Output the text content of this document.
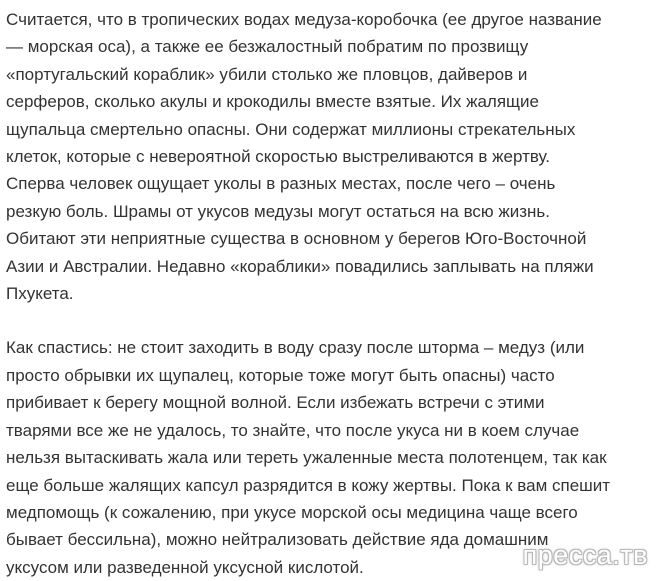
Считается, что в тропических водах медуза-коробочка (ее другое название
— морская оса), а также ее безжалостный побратим по прозвищу
«португальский кораблик» убили столько же пловцов, дайверов и
серферов, сколько акулы и крокодилы вместе взятые. Их жалящие
щупальца смертельно опасны. Они содержат миллионы стрекательных
клеток, которые с невероятной скоростью выстреливаются в жертву.
Сперва человек ощущает уколы в разных местах, после чего – очень
резкую боль. Шрамы от укусов медузы могут остаться на всю жизнь.
Обитают эти неприятные существа в основном у берегов Юго-Восточной
Азии и Австралии. Недавно «кораблики» повадились заплывать на пляжи
Пхукета.

Как спастись: не стоит заходить в воду сразу после шторма – медуз (или
просто обрывки их щупалец, которые тоже могут быть опасны) часто
прибивает к берегу мощной волной. Если избежать встречи с этими
тварями все же не удалось, то знайте, что после укуса ни в коем случае
нельзя вытаскивать жала или тереть ужаленные места полотенцем, так как
еще больше жалящих капсул разрядится в кожу жертвы. Пока к вам спешит
медпомощь (к сожалению, при укусе морской осы медицина чаще всего
бывает бессильна), можно нейтрализовать действие яда домашним
уксусом или разведенной уксусной кислотой.	пресса.тв
